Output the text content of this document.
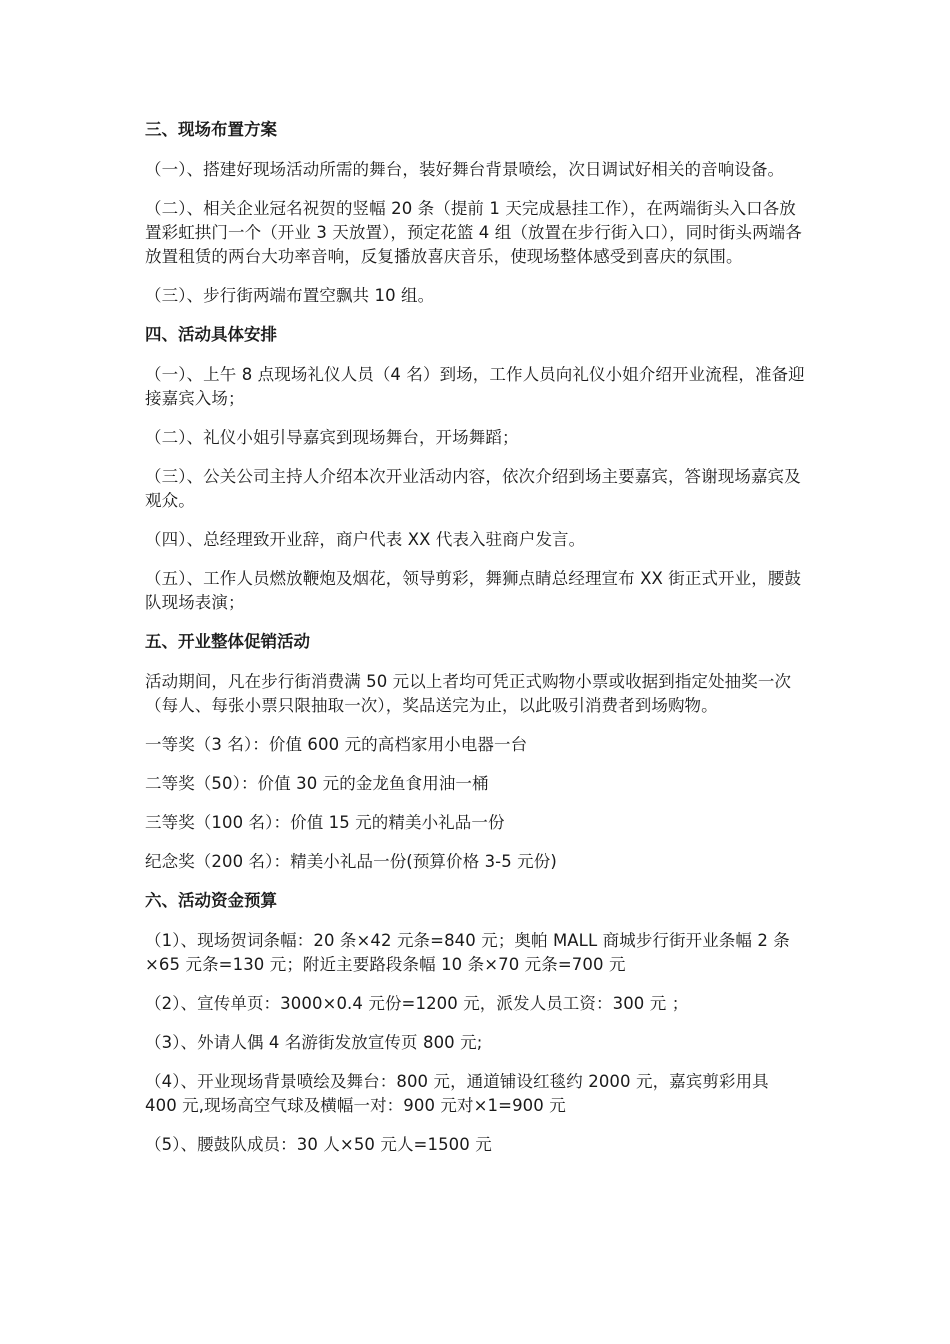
三、现场布置方案
（一）、搭建好现场活动所需的舞台，装好舞台背景喷绘，次日调试好相关的音响设备。
（二）、相关企业冠名祝贺的竖幅 20 条（提前 1 天完成悬挂工作），在两端街头入口各放置彩虹拱门一个（开业 3 天放置），预定花篮 4 组（放置在步行街入口），同时街头两端各放置租赁的两台大功率音响，反复播放喜庆音乐，使现场整体感受到喜庆的氛围。
（三）、步行街两端布置空飘共 10 组。
四、活动具体安排
（一）、上午 8 点现场礼仪人员（4 名）到场，工作人员向礼仪小姐介绍开业流程，准备迎接嘉宾入场；
（二）、礼仪小姐引导嘉宾到现场舞台，开场舞蹈；
（三）、公关公司主持人介绍本次开业活动内容，依次介绍到场主要嘉宾，答谢现场嘉宾及观众。
（四）、总经理致开业辞，商户代表 XX 代表入驻商户发言。
（五）、工作人员燃放鞭炮及烟花，领导剪彩，舞狮点睛总经理宣布 XX 街正式开业，腰鼓队现场表演；
五、开业整体促销活动
活动期间，凡在步行街消费满 50 元以上者均可凭正式购物小票或收据到指定处抽奖一次（每人、每张小票只限抽取一次），奖品送完为止，以此吸引消费者到场购物。
一等奖（3 名）：价值 600 元的高档家用小电器一台
二等奖（50）：价值 30 元的金龙鱼食用油一桶
三等奖（100 名）：价值 15 元的精美小礼品一份
纪念奖（200 名）：精美小礼品一份(预算价格 3-5 元份)
六、活动资金预算
（1）、现场贺词条幅：20 条×42 元条=840 元；奥帕 MALL 商城步行街开业条幅 2 条×65 元条=130 元；附近主要路段条幅 10 条×70 元条=700 元
（2）、宣传单页：3000×0.4 元份=1200 元，派发人员工资：300 元 ；
（3）、外请人偶 4 名游街发放宣传页 800 元;
（4）、开业现场背景喷绘及舞台：800 元，通道铺设红毯约 2000 元，嘉宾剪彩用具 400 元,现场高空气球及横幅一对：900 元对×1=900 元
（5）、腰鼓队成员：30 人×50 元人=1500 元
